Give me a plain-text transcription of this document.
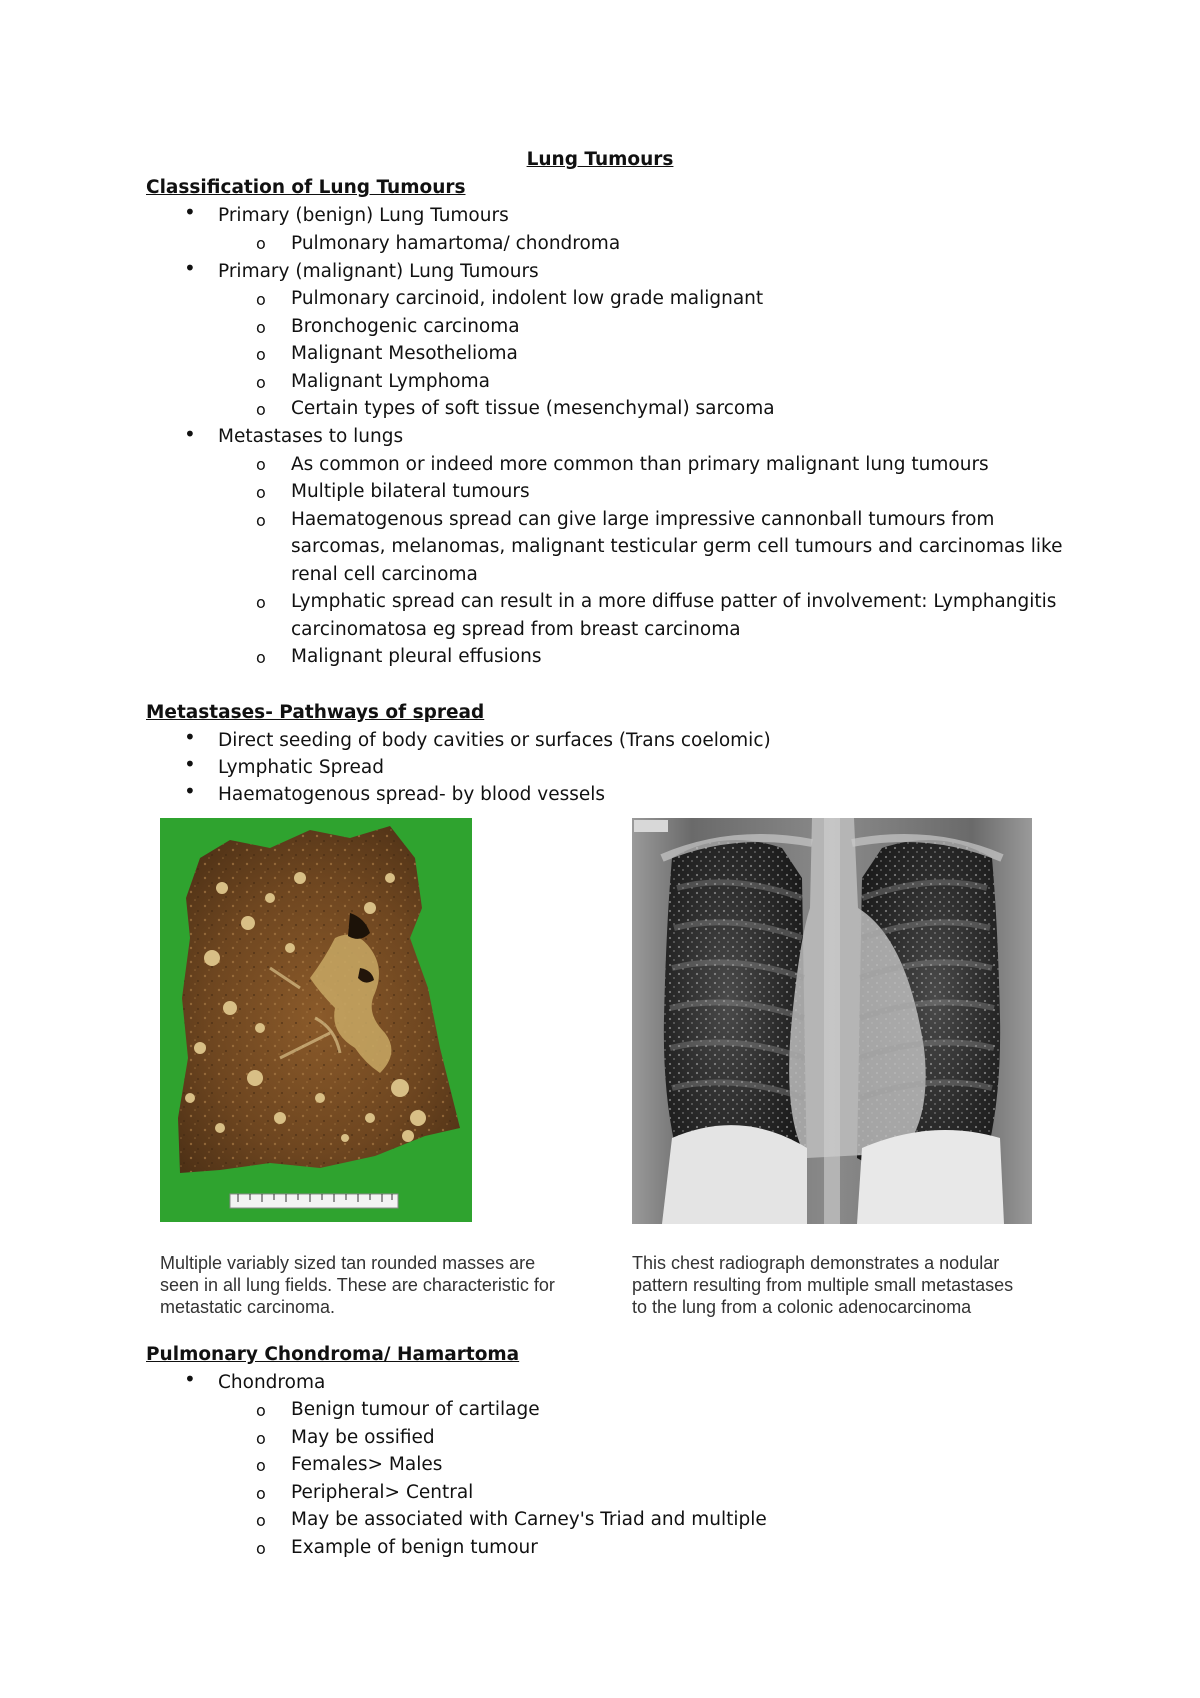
Lung Tumours
Classification of Lung Tumours
• Primary (benign) Lung Tumours
o Pulmonary hamartoma/ chondroma
• Primary (malignant) Lung Tumours
o Pulmonary carcinoid, indolent low grade malignant
o Bronchogenic carcinoma
o Malignant Mesothelioma
o Malignant Lymphoma
o Certain types of soft tissue (mesenchymal) sarcoma
• Metastases to lungs
o As common or indeed more common than primary malignant lung tumours
o Multiple bilateral tumours
o Haematogenous spread can give large impressive cannonball tumours from
sarcomas, melanomas, malignant testicular germ cell tumours and carcinomas like
renal cell carcinoma
o Lymphatic spread can result in a more diffuse patter of involvement: Lymphangitis
carcinomatosa eg spread from breast carcinoma
o Malignant pleural effusions
Metastases- Pathways of spread
• Direct seeding of body cavities or surfaces (Trans coelomic)
• Lymphatic Spread
• Haematogenous spread- by blood vessels
Multiple variably sized tan rounded masses are
seen in all lung fields. These are characteristic for
metastatic carcinoma.
This chest radiograph demonstrates a nodular
pattern resulting from multiple small metastases
to the lung from a colonic adenocarcinoma
Pulmonary Chondroma/ Hamartoma
• Chondroma
o Benign tumour of cartilage
o May be ossified
o Females> Males
o Peripheral> Central
o May be associated with Carney's Triad and multiple
o Example of benign tumour
